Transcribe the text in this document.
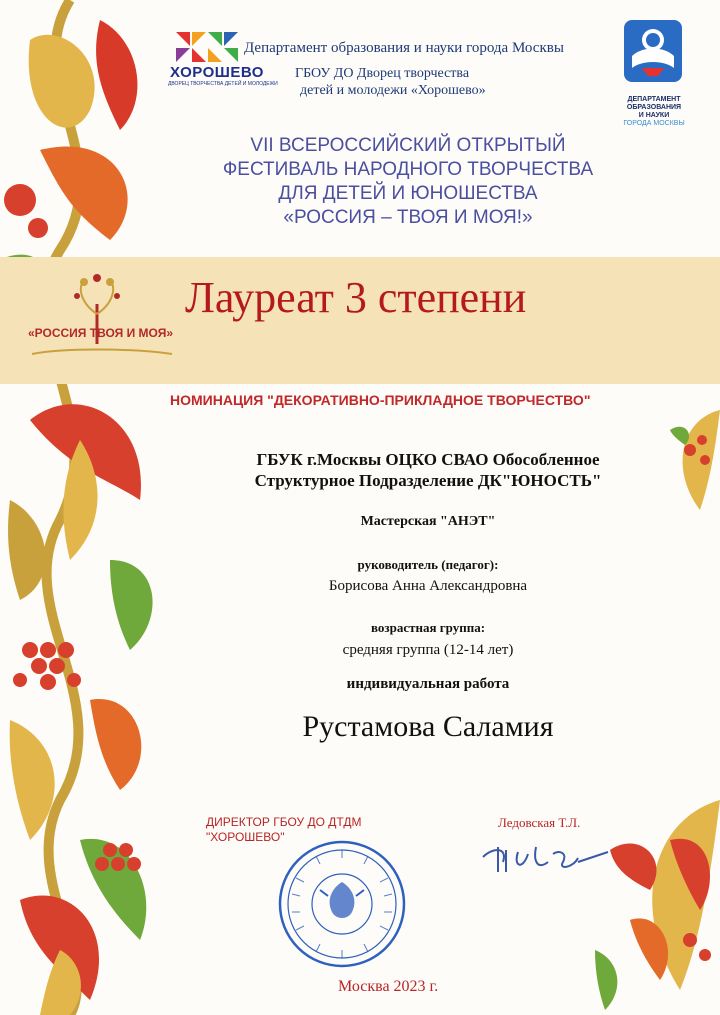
ХОРОШЕВО
ДВОРЕЦ ТВОРЧЕСТВА ДЕТЕЙ И МОЛОДЕЖИ
Департамент образования и науки города Москвы
ГБОУ ДО Дворец творчества
детей и молодежи «Хорошево»
ДЕПАРТАМЕНТ
ОБРАЗОВАНИЯ
И НАУКИ
ГОРОДА МОСКВЫ
VII ВСЕРОССИЙСКИЙ ОТКРЫТЫЙ
ФЕСТИВАЛЬ НАРОДНОГО ТВОРЧЕСТВА
ДЛЯ ДЕТЕЙ И ЮНОШЕСТВА
«РОССИЯ – ТВОЯ И МОЯ!»
«РОССИЯ ТВОЯ И МОЯ»
Лауреат 3 степени
НОМИНАЦИЯ "ДЕКОРАТИВНО-ПРИКЛАДНОЕ ТВОРЧЕСТВО"
ГБУК г.Москвы ОЦКО СВАО Обособленное
Структурное Подразделение ДК"ЮНОСТЬ"
Мастерская "АНЭТ"
руководитель (педагог):
Борисова Анна Александровна
возрастная группа:
средняя группа (12-14 лет)
индивидуальная работа
Рустамова Саламия
ДИРЕКТОР ГБОУ ДО ДТДМ
"ХОРОШЕВО"
Ледовская Т.Л.
Москва 2023 г.
